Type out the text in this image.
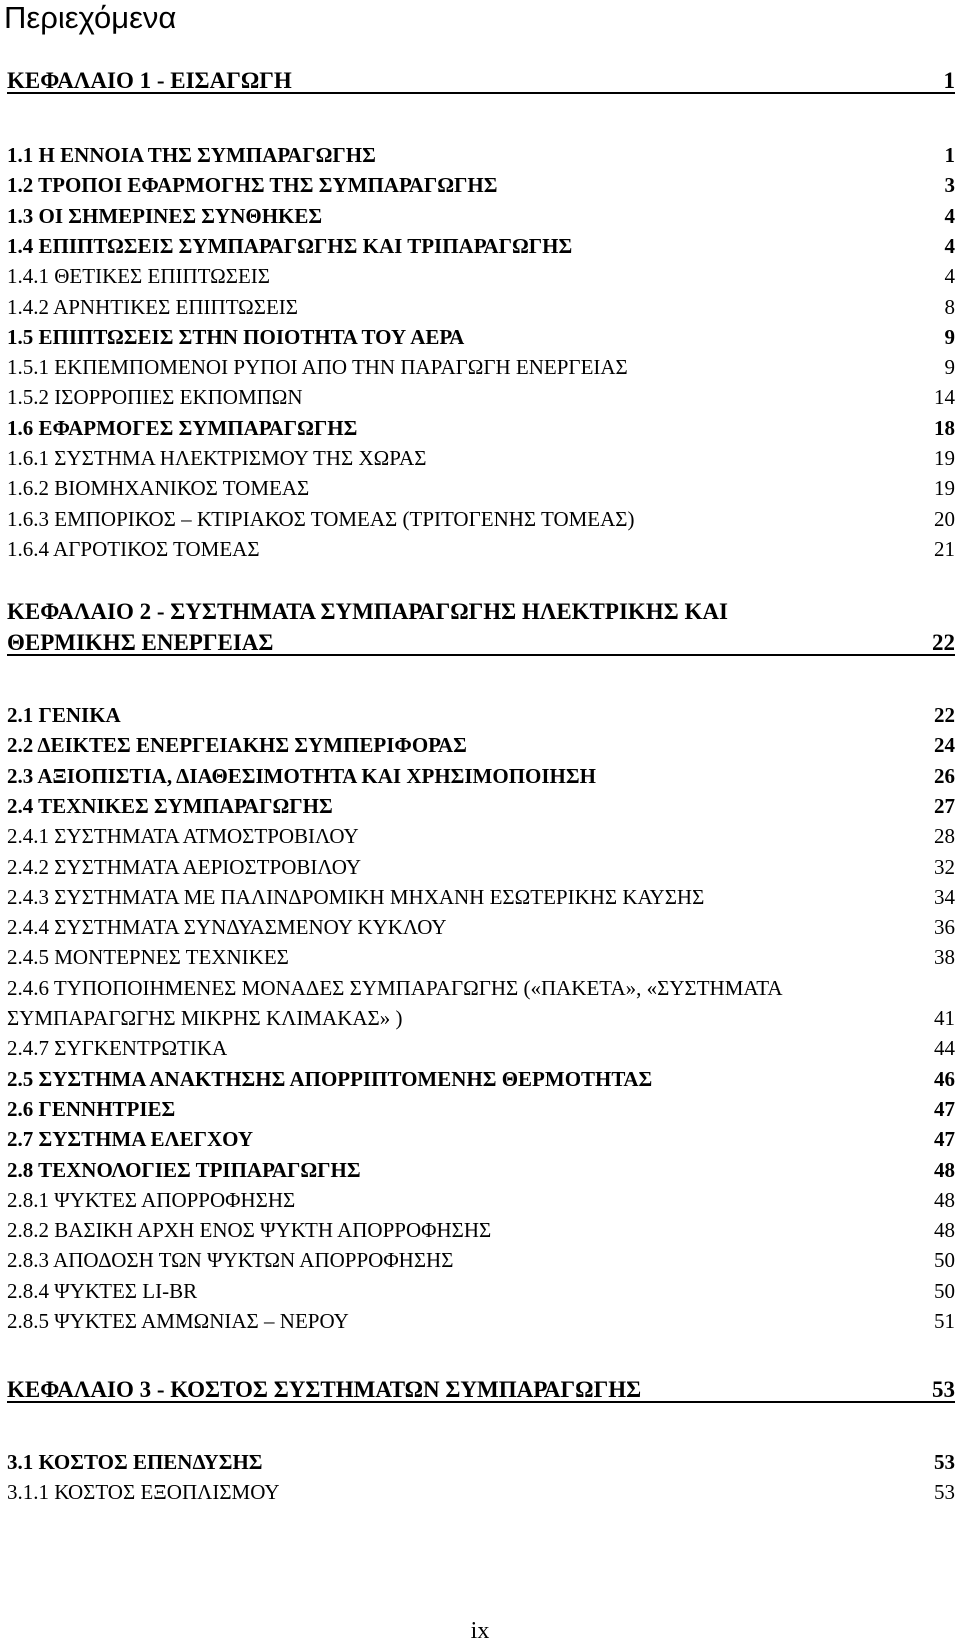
Περιεχόμενα
ΚΕΦΑΛΑΙΟ 1 - ΕΙΣΑΓΩΓΗ	1
1.1 Η ΕΝΝΟΙΑ ΤΗΣ ΣΥΜΠΑΡΑΓΩΓΗΣ	1
1.2 ΤΡΟΠΟΙ ΕΦΑΡΜΟΓΗΣ ΤΗΣ ΣΥΜΠΑΡΑΓΩΓΗΣ	3
1.3 ΟΙ ΣΗΜΕΡΙΝΕΣ ΣΥΝΘΗΚΕΣ	4
1.4 ΕΠΙΠΤΩΣΕΙΣ ΣΥΜΠΑΡΑΓΩΓΗΣ ΚΑΙ ΤΡΙΠΑΡΑΓΩΓΗΣ	4
1.4.1 ΘΕΤΙΚΕΣ ΕΠΙΠΤΩΣΕΙΣ	4
1.4.2 ΑΡΝΗΤΙΚΕΣ ΕΠΙΠΤΩΣΕΙΣ	8
1.5 ΕΠΙΠΤΩΣΕΙΣ ΣΤΗΝ ΠΟΙΟΤΗΤΑ ΤΟΥ ΑΕΡΑ	9
1.5.1 ΕΚΠΕΜΠΟΜΕΝΟΙ ΡΥΠΟΙ ΑΠΟ ΤΗΝ ΠΑΡΑΓΩΓΗ ΕΝΕΡΓΕΙΑΣ	9
1.5.2 ΙΣΟΡΡΟΠΙΕΣ ΕΚΠΟΜΠΩΝ	14
1.6 ΕΦΑΡΜΟΓΕΣ ΣΥΜΠΑΡΑΓΩΓΗΣ	18
1.6.1 ΣΥΣΤΗΜΑ ΗΛΕΚΤΡΙΣΜΟΥ ΤΗΣ ΧΩΡΑΣ	19
1.6.2 ΒΙΟΜΗΧΑΝΙΚΟΣ ΤΟΜΕΑΣ	19
1.6.3 ΕΜΠΟΡΙΚΟΣ – ΚΤΙΡΙΑΚΟΣ ΤΟΜΕΑΣ (ΤΡΙΤΟΓΕΝΗΣ ΤΟΜΕΑΣ)	20
1.6.4 ΑΓΡΟΤΙΚΟΣ ΤΟΜΕΑΣ	21
ΚΕΦΑΛΑΙΟ 2 - ΣΥΣΤΗΜΑΤΑ ΣΥΜΠΑΡΑΓΩΓΗΣ ΗΛΕΚΤΡΙΚΗΣ ΚΑΙ
ΘΕΡΜΙΚΗΣ ΕΝΕΡΓΕΙΑΣ	22
2.1 ΓΕΝΙΚΑ	22
2.2 ΔΕΙΚΤΕΣ ΕΝΕΡΓΕΙΑΚΗΣ ΣΥΜΠΕΡΙΦΟΡΑΣ	24
2.3 ΑΞΙΟΠΙΣΤΙΑ, ΔΙΑΘΕΣΙΜΟΤΗΤΑ ΚΑΙ ΧΡΗΣΙΜΟΠΟΙΗΣΗ	26
2.4 ΤΕΧΝΙΚΕΣ ΣΥΜΠΑΡΑΓΩΓΗΣ	27
2.4.1 ΣΥΣΤΗΜΑΤΑ ΑΤΜΟΣΤΡΟΒΙΛΟΥ	28
2.4.2 ΣΥΣΤΗΜΑΤΑ ΑΕΡΙΟΣΤΡΟΒΙΛΟΥ	32
2.4.3 ΣΥΣΤΗΜΑΤΑ ΜΕ ΠΑΛΙΝΔΡΟΜΙΚΗ ΜΗΧΑΝΗ ΕΣΩΤΕΡΙΚΗΣ ΚΑΥΣΗΣ	34
2.4.4 ΣΥΣΤΗΜΑΤΑ ΣΥΝΔΥΑΣΜΕΝΟΥ ΚΥΚΛΟΥ	36
2.4.5 ΜΟΝΤΕΡΝΕΣ ΤΕΧΝΙΚΕΣ	38
2.4.6 ΤΥΠΟΠΟΙΗΜΕΝΕΣ ΜΟΝΑΔΕΣ ΣΥΜΠΑΡΑΓΩΓΗΣ («ΠΑΚΕΤΑ», «ΣΥΣΤΗΜΑΤΑ
ΣΥΜΠΑΡΑΓΩΓΗΣ ΜΙΚΡΗΣ ΚΛΙΜΑΚΑΣ» )	41
2.4.7 ΣΥΓΚΕΝΤΡΩΤΙΚΑ	44
2.5 ΣΥΣΤΗΜΑ ΑΝΑΚΤΗΣΗΣ ΑΠΟΡΡΙΠΤΟΜΕΝΗΣ ΘΕΡΜΟΤΗΤΑΣ	46
2.6 ΓΕΝΝΗΤΡΙΕΣ	47
2.7 ΣΥΣΤΗΜΑ ΕΛΕΓΧΟΥ	47
2.8 ΤΕΧΝΟΛΟΓΙΕΣ ΤΡΙΠΑΡΑΓΩΓΗΣ	48
2.8.1 ΨΥΚΤΕΣ ΑΠΟΡΡΟΦΗΣΗΣ	48
2.8.2 ΒΑΣΙΚΗ ΑΡΧΗ ΕΝΟΣ ΨΥΚΤΗ ΑΠΟΡΡΟΦΗΣΗΣ	48
2.8.3 ΑΠΟΔΟΣΗ ΤΩΝ ΨΥΚΤΩΝ ΑΠΟΡΡΟΦΗΣΗΣ	50
2.8.4 ΨΥΚΤΕΣ LI-BR	50
2.8.5 ΨΥΚΤΕΣ ΑΜΜΩΝΙΑΣ – ΝΕΡΟΥ	51
ΚΕΦΑΛΑΙΟ 3 - ΚΟΣΤΟΣ ΣΥΣΤΗΜΑΤΩΝ ΣΥΜΠΑΡΑΓΩΓΗΣ	53
3.1 ΚΟΣΤΟΣ ΕΠΕΝΔΥΣΗΣ	53
3.1.1 ΚΟΣΤΟΣ ΕΞΟΠΛΙΣΜΟΥ	53
ix
